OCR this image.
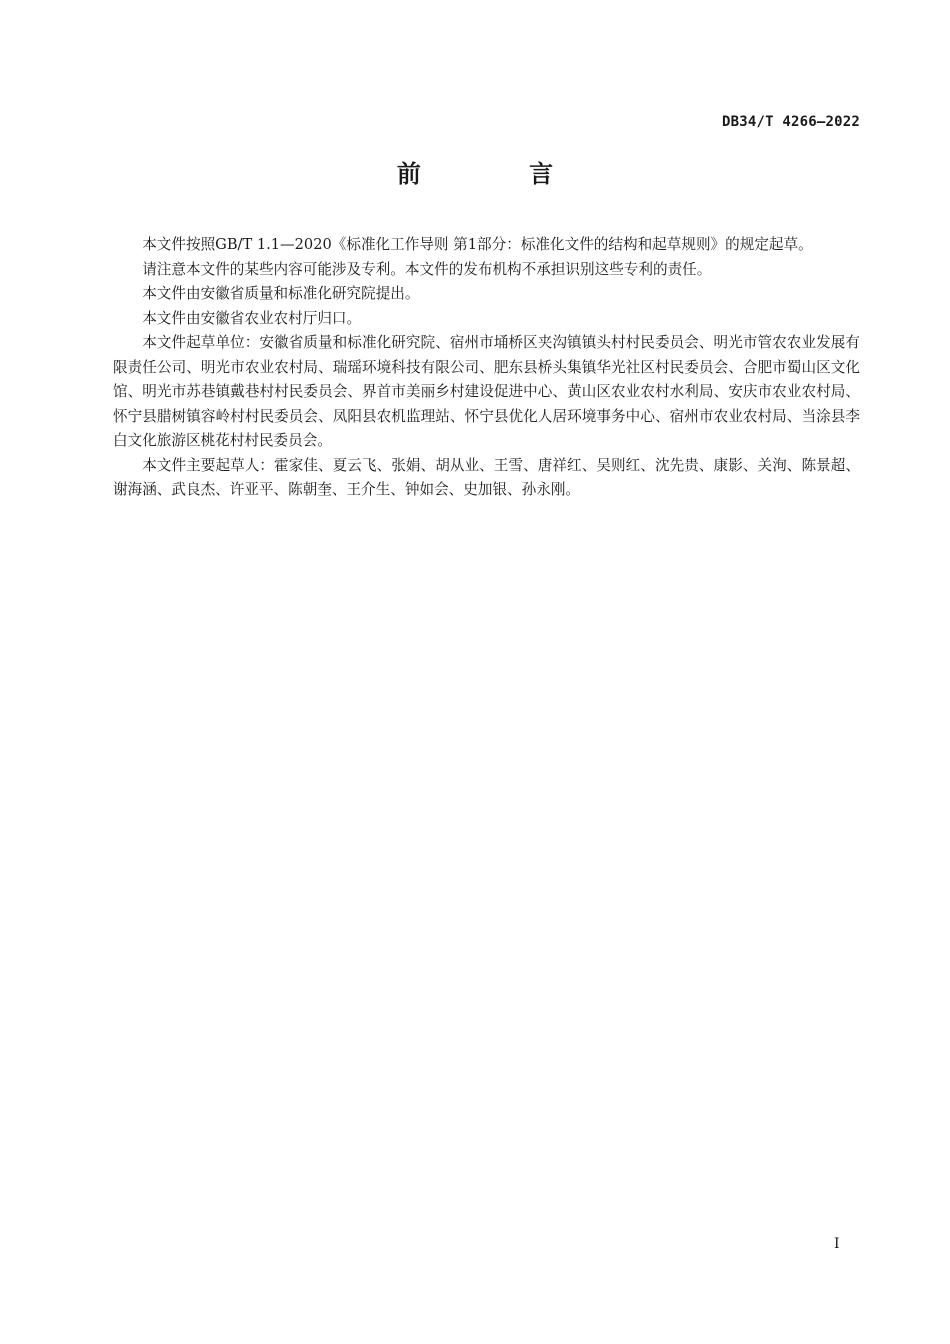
DB34/T 4266—2022
前 言

本文件按照GB/T 1.1—2020《标准化工作导则 第1部分：标准化文件的结构和起草规则》的规定起草。

请注意本文件的某些内容可能涉及专利。本文件的发布机构不承担识别这些专利的责任。

本文件由安徽省质量和标准化研究院提出。

本文件由安徽省农业农村厅归口。

本文件起草单位：安徽省质量和标准化研究院、宿州市埇桥区夹沟镇镇头村村民委员会、明光市管农农业发展有限责任公司、明光市农业农村局、瑞瑶环境科技有限公司、肥东县桥头集镇华光社区村民委员会、合肥市蜀山区文化馆、明光市苏巷镇戴巷村村民委员会、界首市美丽乡村建设促进中心、黄山区农业农村水利局、安庆市农业农村局、怀宁县腊树镇容岭村村民委员会、凤阳县农机监理站、怀宁县优化人居环境事务中心、宿州市农业农村局、当涂县李白文化旅游区桃花村村民委员会。

本文件主要起草人：霍家佳、夏云飞、张娟、胡从业、王雪、唐祥红、吴则红、沈先贵、康影、关洵、陈景超、谢海涵、武良杰、许亚平、陈朝奎、王介生、钟如会、史加银、孙永刚。

I
